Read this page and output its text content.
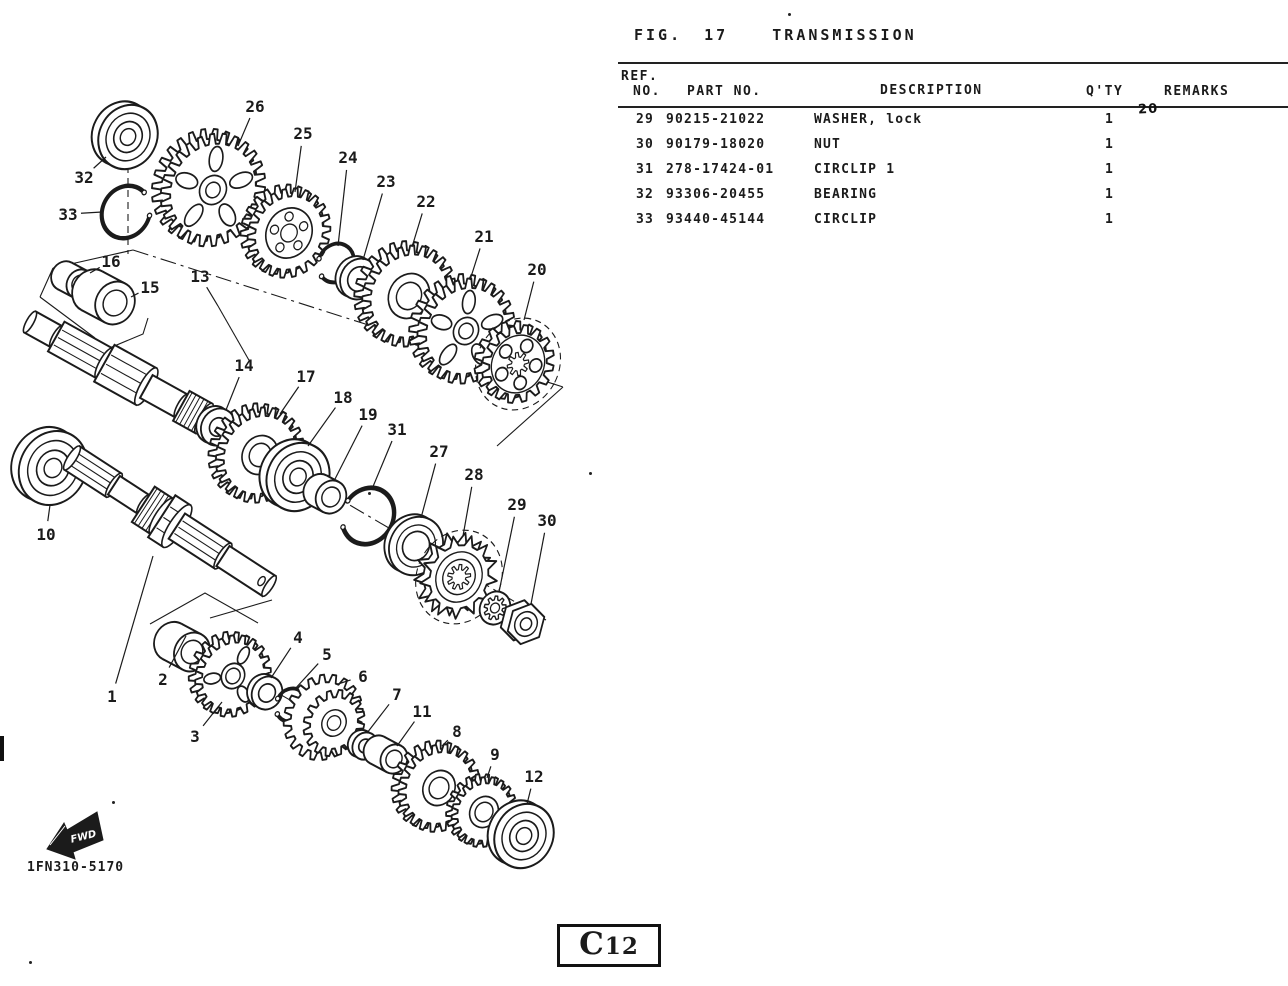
26
25
24
23
22
21
20
32
33
16
15
13
14
17
18
19
31
27
28
29
30
10
1
2
3
4
5
6
7
11
8
9
12
FWD
FIG. 17  TRANSMISSION
REF.
NO. PART NO.	DESCRIPTION	Q'TY	REMARKS
29 90215-21022	WASHER, lock	1
20
30 90179-18020	NUT	1
31 278-17424-01	CIRCLIP 1	1
32 93306-20455	BEARING	1
33 93440-45144	CIRCLIP	1
1FN310-5170
C12
